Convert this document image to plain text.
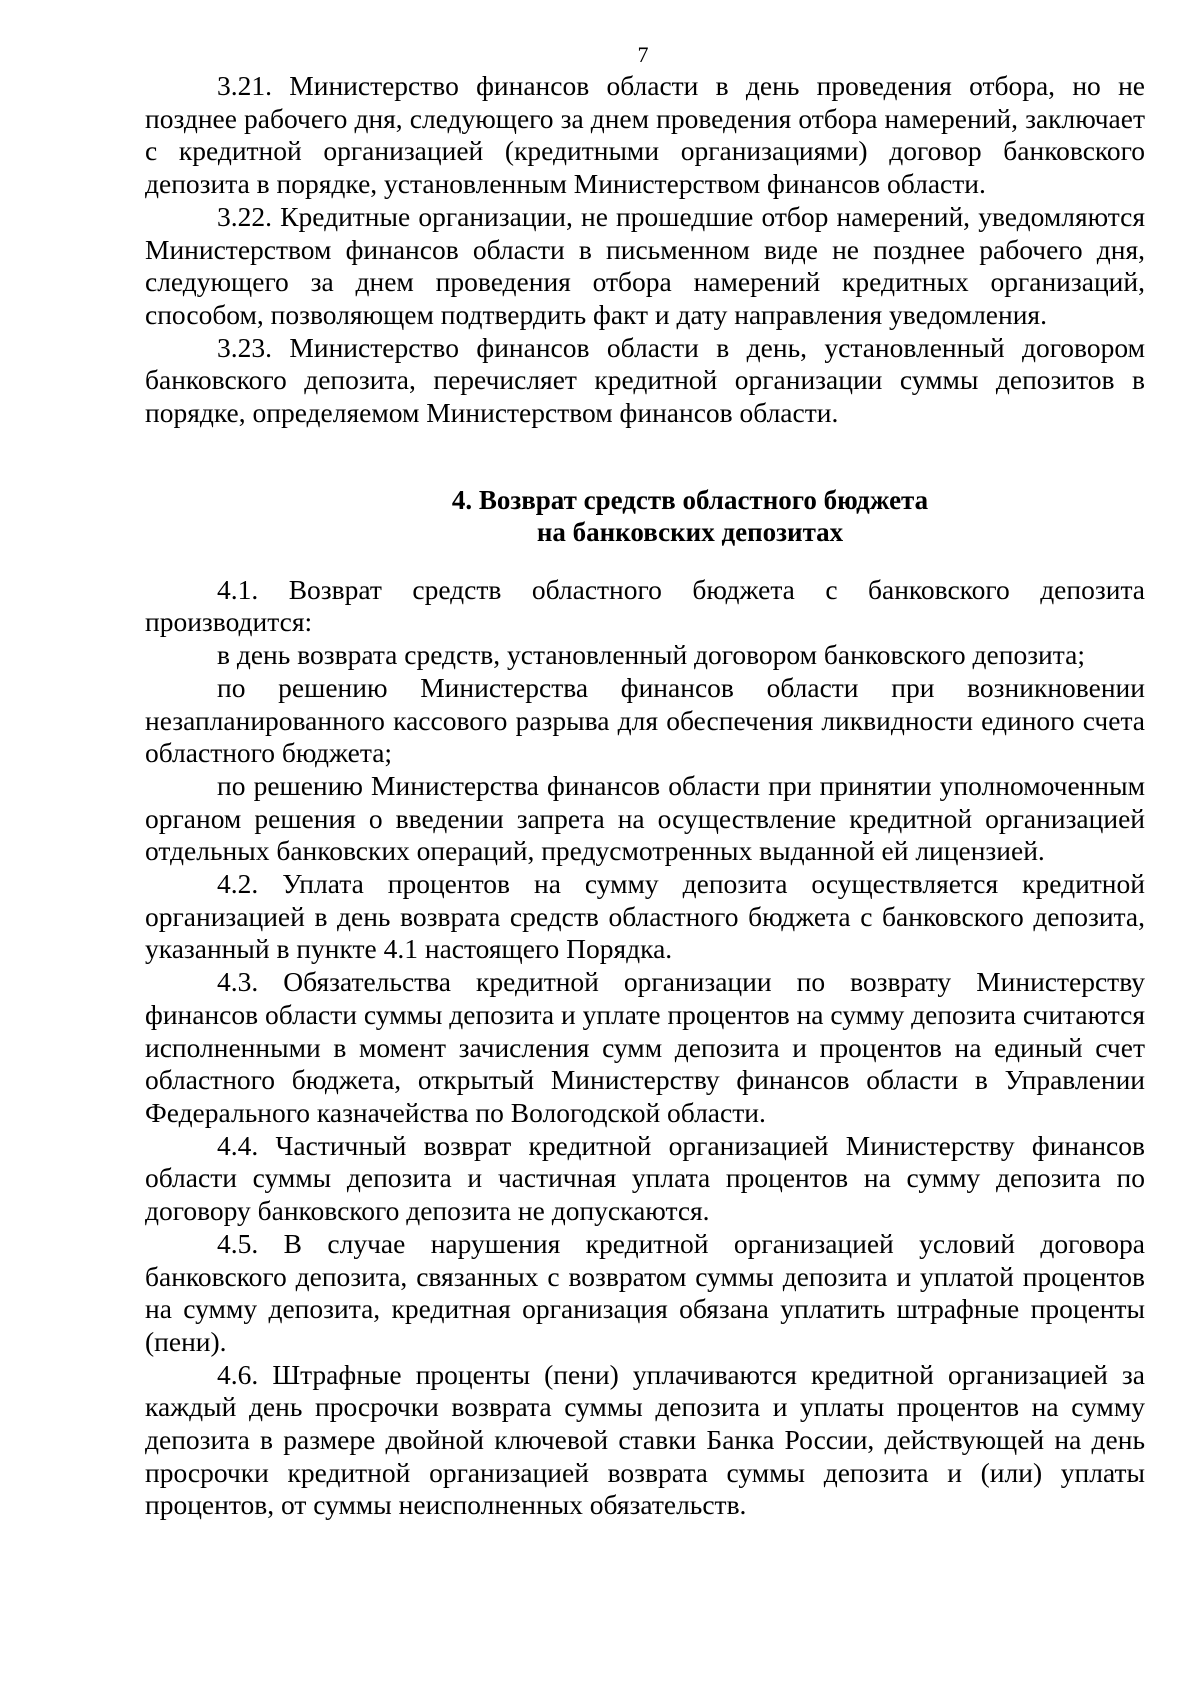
7

3.21. Министерство финансов области в день проведения отбора, но не позднее рабочего дня, следующего за днем проведения отбора намерений, заключает с кредитной организацией (кредитными организациями) договор банковского депозита в порядке, установленным Министерством финансов области.

3.22. Кредитные организации, не прошедшие отбор намерений, уведомляются Министерством финансов области в письменном виде не позднее рабочего дня, следующего за днем проведения отбора намерений кредитных организаций, способом, позволяющем подтвердить факт и дату направления уведомления.

3.23. Министерство финансов области в день, установленный договором банковского депозита, перечисляет кредитной организации суммы депозитов в порядке, определяемом Министерством финансов области.

4. Возврат средств областного бюджета
на банковских депозитах

4.1. Возврат средств областного бюджета с банковского депозита производится:

в день возврата средств, установленный договором банковского депозита;

по решению Министерства финансов области при возникновении незапланированного кассового разрыва для обеспечения ликвидности единого счета областного бюджета;

по решению Министерства финансов области при принятии уполномоченным органом решения о введении запрета на осуществление кредитной организацией отдельных банковских операций, предусмотренных выданной ей лицензией.

4.2. Уплата процентов на сумму депозита осуществляется кредитной организацией в день возврата средств областного бюджета с банковского депозита, указанный в пункте 4.1 настоящего Порядка.

4.3. Обязательства кредитной организации по возврату Министерству финансов области суммы депозита и уплате процентов на сумму депозита считаются исполненными в момент зачисления сумм депозита и процентов на единый счет областного бюджета, открытый Министерству финансов области в Управлении Федерального казначейства по Вологодской области.

4.4. Частичный возврат кредитной организацией Министерству финансов области суммы депозита и частичная уплата процентов на сумму депозита по договору банковского депозита не допускаются.

4.5. В случае нарушения кредитной организацией условий договора банковского депозита, связанных с возвратом суммы депозита и уплатой процентов на сумму депозита, кредитная организация обязана уплатить штрафные проценты (пени).

4.6. Штрафные проценты (пени) уплачиваются кредитной организацией за каждый день просрочки возврата суммы депозита и уплаты процентов на сумму депозита в размере двойной ключевой ставки Банка России, действующей на день просрочки кредитной организацией возврата суммы депозита и (или) уплаты процентов, от суммы неисполненных обязательств.
